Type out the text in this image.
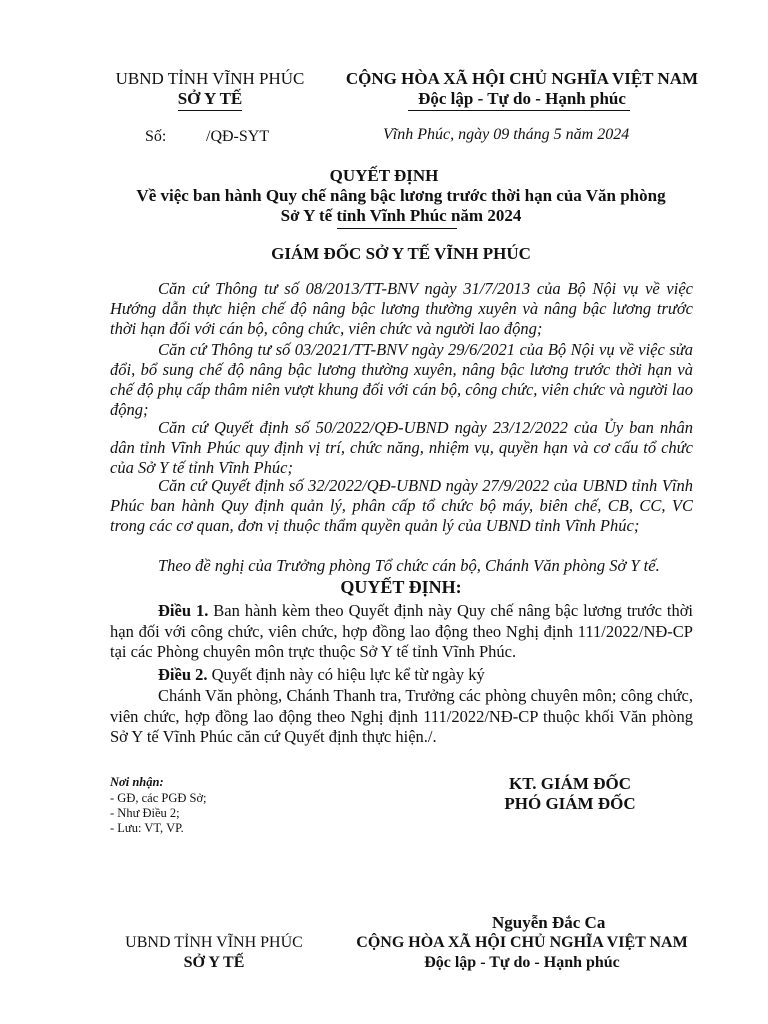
UBND TỈNH VĨNH PHÚC
SỞ Y TẾ
CỘNG HÒA XÃ HỘI CHỦ NGHĨA VIỆT NAM
Độc lập - Tự do - Hạnh phúc
Số: /QĐ-SYT	Vĩnh Phúc, ngày 09 tháng 5 năm 2024
QUYẾT ĐỊNH
Về việc ban hành Quy chế nâng bậc lương trước thời hạn của Văn phòng
Sở Y tế tỉnh Vĩnh Phúc năm 2024
GIÁM ĐỐC SỞ Y TẾ VĨNH PHÚC
Căn cứ Thông tư số 08/2013/TT-BNV ngày 31/7/2013 của Bộ Nội vụ về việc Hướng dẫn thực hiện chế độ nâng bậc lương thường xuyên và nâng bậc lương trước thời hạn đối với cán bộ, công chức, viên chức và người lao động;
Căn cứ Thông tư số 03/2021/TT-BNV ngày 29/6/2021 của Bộ Nội vụ về việc sửa đổi, bổ sung chế độ nâng bậc lương thường xuyên, nâng bậc lương trước thời hạn và chế độ phụ cấp thâm niên vượt khung đối với cán bộ, công chức, viên chức và người lao động;
Căn cứ Quyết định số 50/2022/QĐ-UBND ngày 23/12/2022 của Ủy ban nhân dân tỉnh Vĩnh Phúc quy định vị trí, chức năng, nhiệm vụ, quyền hạn và cơ cấu tổ chức của Sở Y tế tỉnh Vĩnh Phúc;
Căn cứ Quyết định số 32/2022/QĐ-UBND ngày 27/9/2022 của UBND tỉnh Vĩnh Phúc ban hành Quy định quản lý, phân cấp tổ chức bộ máy, biên chế, CB, CC, VC trong các cơ quan, đơn vị thuộc thẩm quyền quản lý của UBND tỉnh Vĩnh Phúc;
Theo đề nghị của Trưởng phòng Tổ chức cán bộ, Chánh Văn phòng Sở Y tế.
QUYẾT ĐỊNH:
Điều 1. Ban hành kèm theo Quyết định này Quy chế nâng bậc lương trước thời hạn đối với công chức, viên chức, hợp đồng lao động theo Nghị định 111/2022/NĐ-CP tại các Phòng chuyên môn trực thuộc Sở Y tế tỉnh Vĩnh Phúc.
Điều 2. Quyết định này có hiệu lực kể từ ngày ký
Chánh Văn phòng, Chánh Thanh tra, Trưởng các phòng chuyên môn; công chức, viên chức, hợp đồng lao động theo Nghị định 111/2022/NĐ-CP thuộc khối Văn phòng Sở Y tế Vĩnh Phúc căn cứ Quyết định thực hiện./.
Nơi nhận:
- GĐ, các PGĐ Sở;
- Như Điều 2;
- Lưu: VT, VP.
KT. GIÁM ĐỐC
PHÓ GIÁM ĐỐC
Nguyễn Đắc Ca
UBND TỈNH VĨNH PHÚC
SỞ Y TẾ
CỘNG HÒA XÃ HỘI CHỦ NGHĨA VIỆT NAM
Độc lập - Tự do - Hạnh phúc
